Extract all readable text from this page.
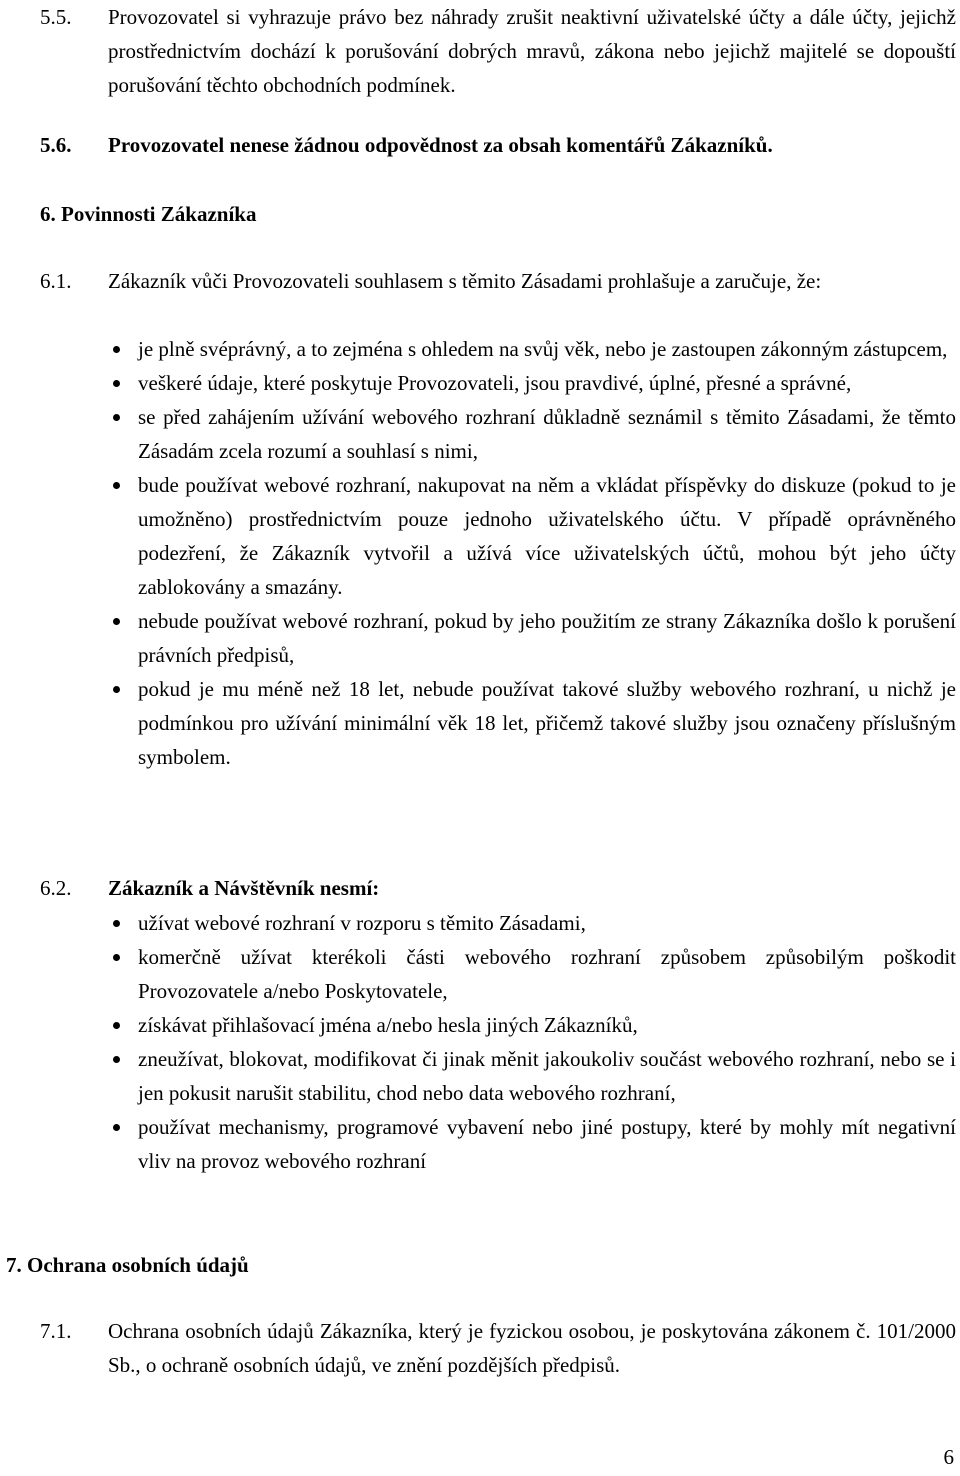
5.5. Provozovatel si vyhrazuje právo bez náhrady zrušit neaktivní uživatelské účty a dále účty, jejichž prostřednictvím dochází k porušování dobrých mravů, zákona nebo jejichž majitelé se dopouští porušování těchto obchodních podmínek.

5.6. Provozovatel nenese žádnou odpovědnost za obsah komentářů Zákazníků.

6. Povinnosti Zákazníka

6.1. Zákazník vůči Provozovateli souhlasem s těmito Zásadami prohlašuje a zaručuje, že:

je plně svéprávný, a to zejména s ohledem na svůj věk, nebo je zastoupen zákonným zástupcem,
veškeré údaje, které poskytuje Provozovateli, jsou pravdivé, úplné, přesné a správné,
se před zahájením užívání webového rozhraní důkladně seznámil s těmito Zásadami, že těmto Zásadám zcela rozumí a souhlasí s nimi,
bude používat webové rozhraní, nakupovat na něm a vkládat příspěvky do diskuze (pokud to je umožněno) prostřednictvím pouze jednoho uživatelského účtu. V případě oprávněného podezření, že Zákazník vytvořil a užívá více uživatelských účtů, mohou být jeho účty zablokovány a smazány.
nebude používat webové rozhraní, pokud by jeho použitím ze strany Zákazníka došlo k porušení právních předpisů,
pokud je mu méně než 18 let, nebude používat takové služby webového rozhraní, u nichž je podmínkou pro užívání minimální věk 18 let, přičemž takové služby jsou označeny příslušným symbolem.

6.2. Zákazník a Návštěvník nesmí:

užívat webové rozhraní v rozporu s těmito Zásadami,
komerčně užívat kterékoli části webového rozhraní způsobem způsobilým poškodit Provozovatele a/nebo Poskytovatele,
získávat přihlašovací jména a/nebo hesla jiných Zákazníků,
zneužívat, blokovat, modifikovat či jinak měnit jakoukoliv součást webového rozhraní, nebo se i jen pokusit narušit stabilitu, chod nebo data webového rozhraní,
používat mechanismy, programové vybavení nebo jiné postupy, které by mohly mít negativní vliv na provoz webového rozhraní

7. Ochrana osobních údajů

7.1. Ochrana osobních údajů Zákazníka, který je fyzickou osobou, je poskytována zákonem č. 101/2000 Sb., o ochraně osobních údajů, ve znění pozdějších předpisů.

6
